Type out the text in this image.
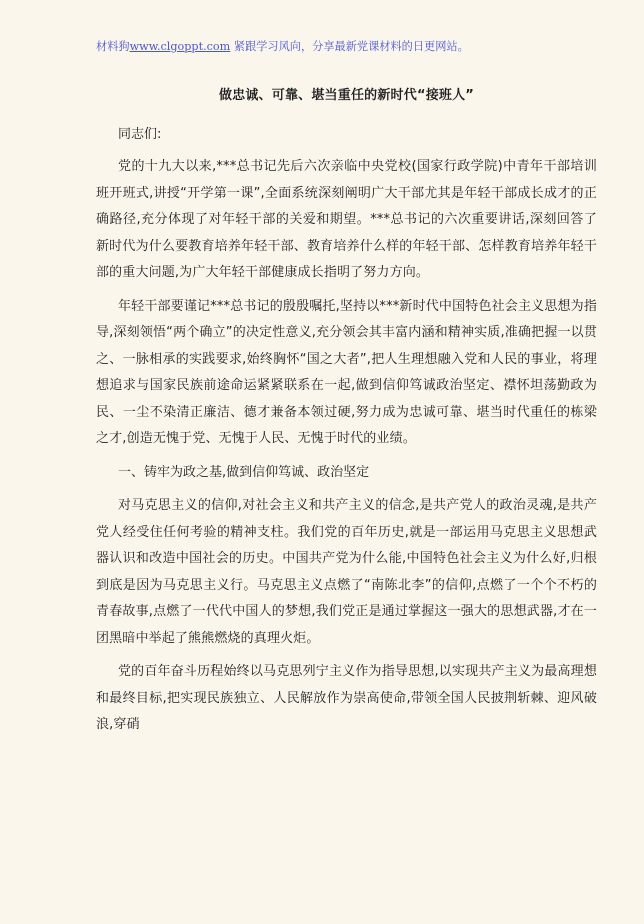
材料狗www.clgoppt.com 紧跟学习风向，分享最新党课材料的日更网站。
做忠诚、可靠、堪当重任的新时代“接班人”
同志们:

党的十九大以来,***总书记先后六次亲临中央党校(国家行政学院)中青年干部培训班开班式,讲授“开学第一课”,全面系统深刻阐明广大干部尤其是年轻干部成长成才的正确路径,充分体现了对年轻干部的关爱和期望。***总书记的六次重要讲话,深刻回答了新时代为什么要教育培养年轻干部、教育培养什么样的年轻干部、怎样教育培养年轻干部的重大问题,为广大年轻干部健康成长指明了努力方向。

年轻干部要谨记***总书记的殷殷嘱托,坚持以***新时代中国特色社会主义思想为指导,深刻领悟“两个确立”的决定性意义,充分领会其丰富内涵和精神实质,准确把握一以贯之、一脉相承的实践要求,始终胸怀“国之大者”,把人生理想融入党和人民的事业，将理想追求与国家民族前途命运紧紧联系在一起,做到信仰笃诚政治坚定、襟怀坦荡勤政为民、一尘不染清正廉洁、德才兼备本领过硬,努力成为忠诚可靠、堪当时代重任的栋梁之才,创造无愧于党、无愧于人民、无愧于时代的业绩。

一、铸牢为政之基,做到信仰笃诚、政治坚定

对马克思主义的信仰,对社会主义和共产主义的信念,是共产党人的政治灵魂,是共产党人经受住任何考验的精神支柱。我们党的百年历史,就是一部运用马克思主义思想武器认识和改造中国社会的历史。中国共产党为什么能,中国特色社会主义为什么好,归根到底是因为马克思主义行。马克思主义点燃了“南陈北李”的信仰,点燃了一个个不朽的青春故事,点燃了一代代中国人的梦想,我们党正是通过掌握这一强大的思想武器,才在一团黑暗中举起了熊熊燃烧的真理火炬。

党的百年奋斗历程始终以马克思列宁主义作为指导思想,以实现共产主义为最高理想和最终目标,把实现民族独立、人民解放作为崇高使命,带领全国人民披荆斩棘、迎风破浪,穿硝
